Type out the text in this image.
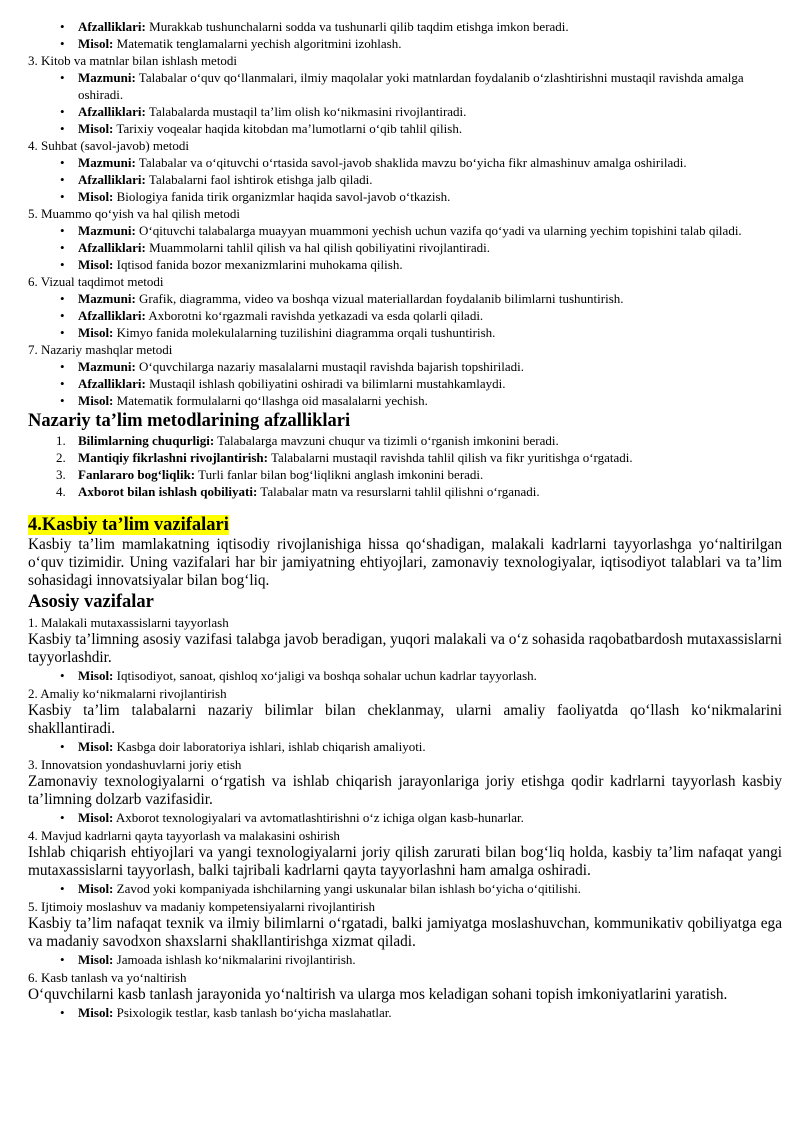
• Afzalliklari: Murakkab tushunchalarni sodda va tushunarli qilib taqdim etishga imkon beradi.
• Misol: Matematik tenglamalarni yechish algoritmini izohlash.
3. Kitob va matnlar bilan ishlash metodi
• Mazmuni: Talabalar o‘quv qo‘llanmalari, ilmiy maqolalar yoki matnlardan foydalanib o‘zlashtirishni mustaqil ravishda amalga oshiradi.
• Afzalliklari: Talabalarda mustaqil ta’lim olish ko‘nikmasini rivojlantiradi.
• Misol: Tarixiy voqealar haqida kitobdan ma’lumotlarni o‘qib tahlil qilish.
4. Suhbat (savol-javob) metodi
• Mazmuni: Talabalar va o‘qituvchi o‘rtasida savol-javob shaklida mavzu bo‘yicha fikr almashinuv amalga oshiriladi.
• Afzalliklari: Talabalarni faol ishtirok etishga jalb qiladi.
• Misol: Biologiya fanida tirik organizmlar haqida savol-javob o‘tkazish.
5. Muammo qo‘yish va hal qilish metodi
• Mazmuni: O‘qituvchi talabalarga muayyan muammoni yechish uchun vazifa qo‘yadi va ularning yechim topishini talab qiladi.
• Afzalliklari: Muammolarni tahlil qilish va hal qilish qobiliyatini rivojlantiradi.
• Misol: Iqtisod fanida bozor mexanizmlarini muhokama qilish.
6. Vizual taqdimot metodi
• Mazmuni: Grafik, diagramma, video va boshqa vizual materiallardan foydalanib bilimlarni tushuntirish.
• Afzalliklari: Axborotni ko‘rgazmali ravishda yetkazadi va esda qolarli qiladi.
• Misol: Kimyo fanida molekulalarning tuzilishini diagramma orqali tushuntirish.
7. Nazariy mashqlar metodi
• Mazmuni: O‘quvchilarga nazariy masalalarni mustaqil ravishda bajarish topshiriladi.
• Afzalliklari: Mustaqil ishlash qobiliyatini oshiradi va bilimlarni mustahkamlaydi.
• Misol: Matematik formulalarni qo‘llashga oid masalalarni yechish.
Nazariy ta’lim metodlarining afzalliklari
1. Bilimlarning chuqurligi: Talabalarga mavzuni chuqur va tizimli o‘rganish imkonini beradi.
2. Mantiqiy fikrlashni rivojlantirish: Talabalarni mustaqil ravishda tahlil qilish va fikr yuritishga o‘rgatadi.
3. Fanlararo bog‘liqlik: Turli fanlar bilan bog‘liqlikni anglash imkonini beradi.
4. Axborot bilan ishlash qobiliyati: Talabalar matn va resurslarni tahlil qilishni o‘rganadi.
4.Kasbiy ta’lim vazifalari
Kasbiy ta’lim mamlakatning iqtisodiy rivojlanishiga hissa qo‘shadigan, malakali kadrlarni tayyorlashga yo‘naltirilgan o‘quv tizimidir. Uning vazifalari har bir jamiyatning ehtiyojlari, zamonaviy texnologiyalar, iqtisodiyot talablari va ta’lim sohasidagi innovatsiyalar bilan bog‘liq.
Asosiy vazifalar
1. Malakali mutaxassislarni tayyorlash
Kasbiy ta’limning asosiy vazifasi talabga javob beradigan, yuqori malakali va o‘z sohasida raqobatbardosh mutaxassislarni tayyorlashdir.
• Misol: Iqtisodiyot, sanoat, qishloq xo‘jaligi va boshqa sohalar uchun kadrlar tayyorlash.
2. Amaliy ko‘nikmalarni rivojlantirish
Kasbiy ta’lim talabalarni nazariy bilimlar bilan cheklanmay, ularni amaliy faoliyatda qo‘llash ko‘nikmalarini shakllantiradi.
• Misol: Kasbga doir laboratoriya ishlari, ishlab chiqarish amaliyoti.
3. Innovatsion yondashuvlarni joriy etish
Zamonaviy texnologiyalarni o‘rgatish va ishlab chiqarish jarayonlariga joriy etishga qodir kadrlarni tayyorlash kasbiy ta’limning dolzarb vazifasidir.
• Misol: Axborot texnologiyalari va avtomatlashtirishni o‘z ichiga olgan kasb-hunarlar.
4. Mavjud kadrlarni qayta tayyorlash va malakasini oshirish
Ishlab chiqarish ehtiyojlari va yangi texnologiyalarni joriy qilish zarurati bilan bog‘liq holda, kasbiy ta’lim nafaqat yangi mutaxassislarni tayyorlash, balki tajribali kadrlarni qayta tayyorlashni ham amalga oshiradi.
• Misol: Zavod yoki kompaniyada ishchilarning yangi uskunalar bilan ishlash bo‘yicha o‘qitilishi.
5. Ijtimoiy moslashuv va madaniy kompetensiyalarni rivojlantirish
Kasbiy ta’lim nafaqat texnik va ilmiy bilimlarni o‘rgatadi, balki jamiyatga moslashuvchan, kommunikativ qobiliyatga ega va madaniy savodxon shaxslarni shakllantirishga xizmat qiladi.
• Misol: Jamoada ishlash ko‘nikmalarini rivojlantirish.
6. Kasb tanlash va yo‘naltirish
O‘quvchilarni kasb tanlash jarayonida yo‘naltirish va ularga mos keladigan sohani topish imkoniyatlarini yaratish.
• Misol: Psixologik testlar, kasb tanlash bo‘yicha maslahatlar.
